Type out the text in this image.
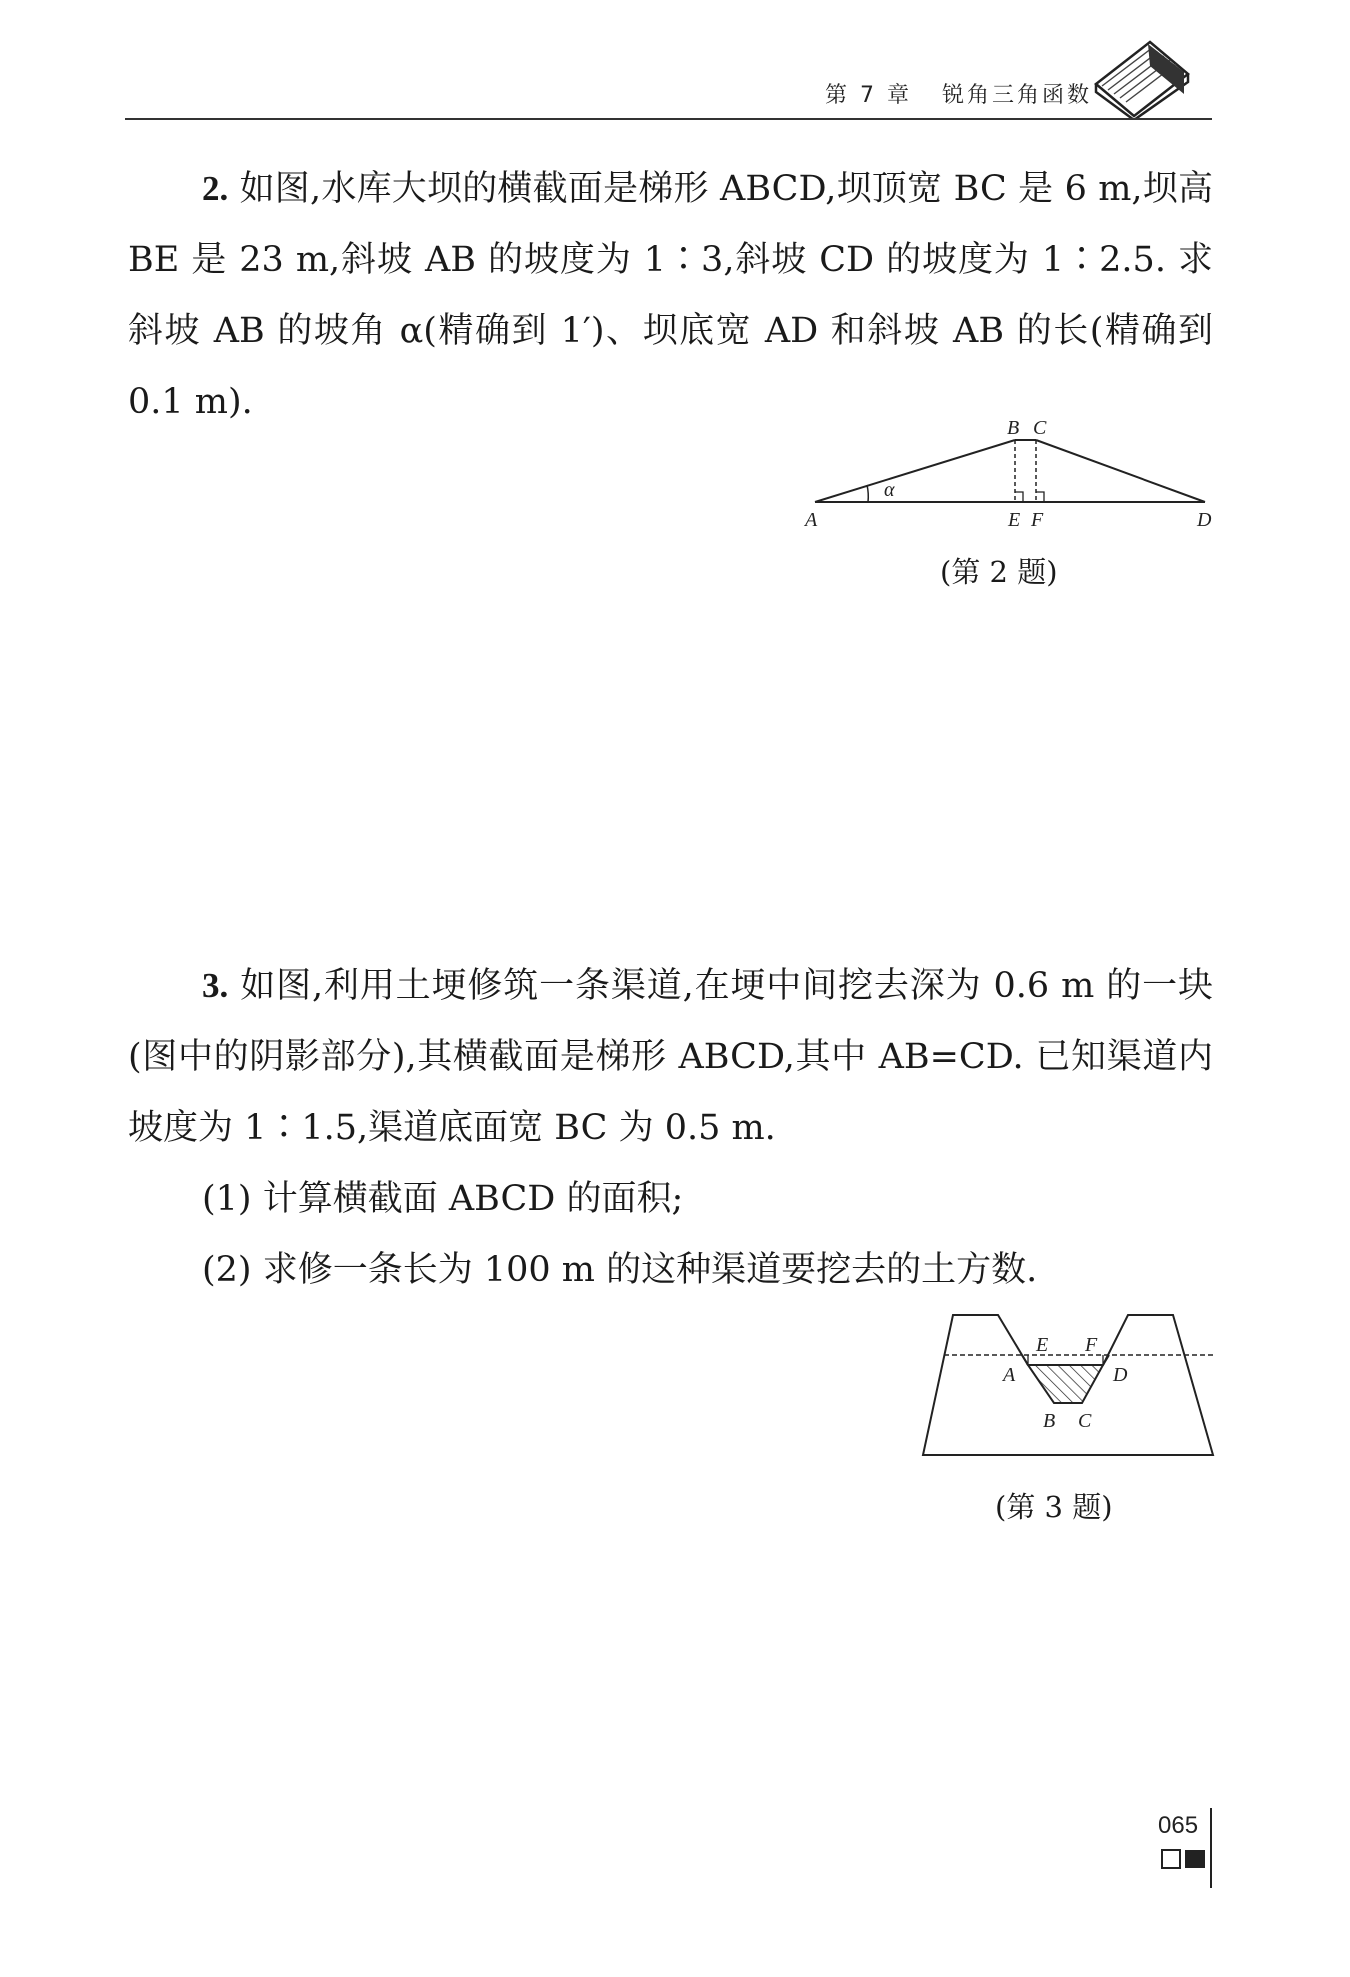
第 7 章 锐角三角函数
2. 如图,水库大坝的横截面是梯形 ABCD,坝顶宽 BC 是 6 m,坝高 BE 是 23 m,斜坡 AB 的坡度为 1∶3,斜坡 CD 的坡度为 1∶2.5. 求斜坡 AB 的坡角 α(精确到 1′)、坝底宽 AD 和斜坡 AB 的长(精确到0.1 m).
α
A
B C
D
E F
(第 2 题)
3. 如图,利用土埂修筑一条渠道,在埂中间挖去深为 0.6 m 的一块(图中的阴影部分),其横截面是梯形 ABCD,其中 AB=CD. 已知渠道内坡度为 1∶1.5,渠道底面宽 BC 为 0.5 m.
(1) 计算横截面 ABCD 的面积;
(2) 求修一条长为 100 m 的这种渠道要挖去的土方数.
E F
A	D
B C
(第 3 题)
065
